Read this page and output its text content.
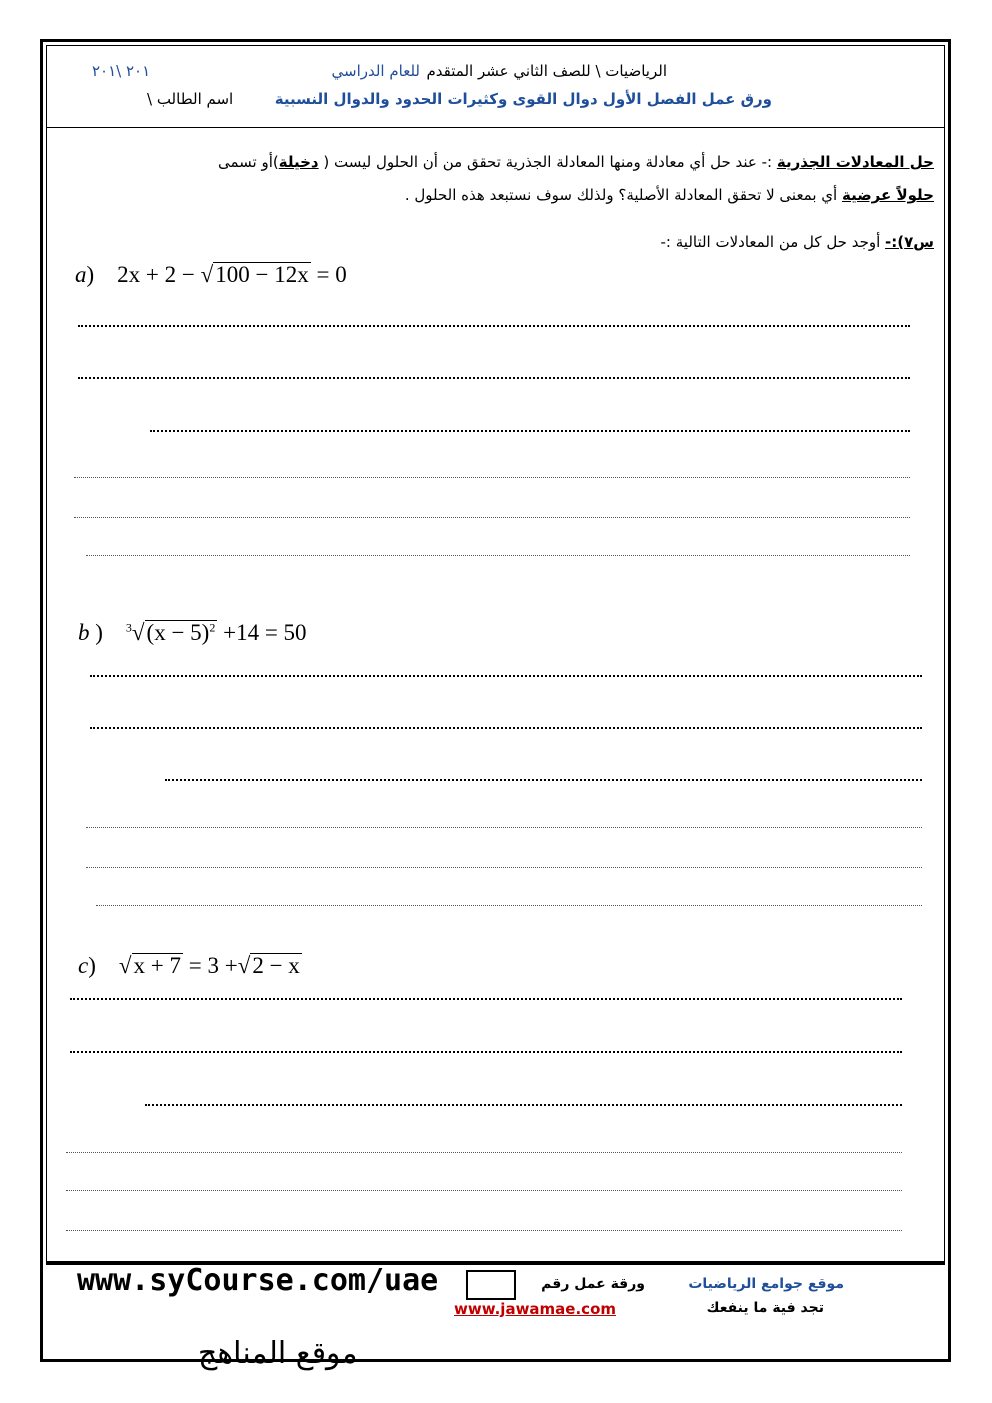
الرياضيات \ للصف الثاني عشر المتقدم
للعام الدراسي
٢٠١ \٢٠١
ورق عمل الفصل الأول دوال القوى وكثيرات الحدود والدوال النسبية
اسم الطالب \
حل المعادلات الجذرية :- عند حل أي معادلة ومنها المعادلة الجذرية تحقق من أن الحلول ليست ( دخيلة)أو تسمى
حلولاً عرضية أي بمعنى لا تحقق المعادلة الأصلية؟ ولذلك سوف نستبعد هذه الحلول .
س٧):- أوجد حل كل من المعادلات التالية :-
a)    2x + 2 − √100 − 12x = 0
b )    $^3√(x - 5)^2 +14 = 50$
c)    √x + 7 = 3 +√2 − x
موقع جوامع الرياضيات
تجد فية ما ينفعك
ورقة عمل رقم
www.jawamae.com
www.syCourse.com/uae
موقع المناهج
